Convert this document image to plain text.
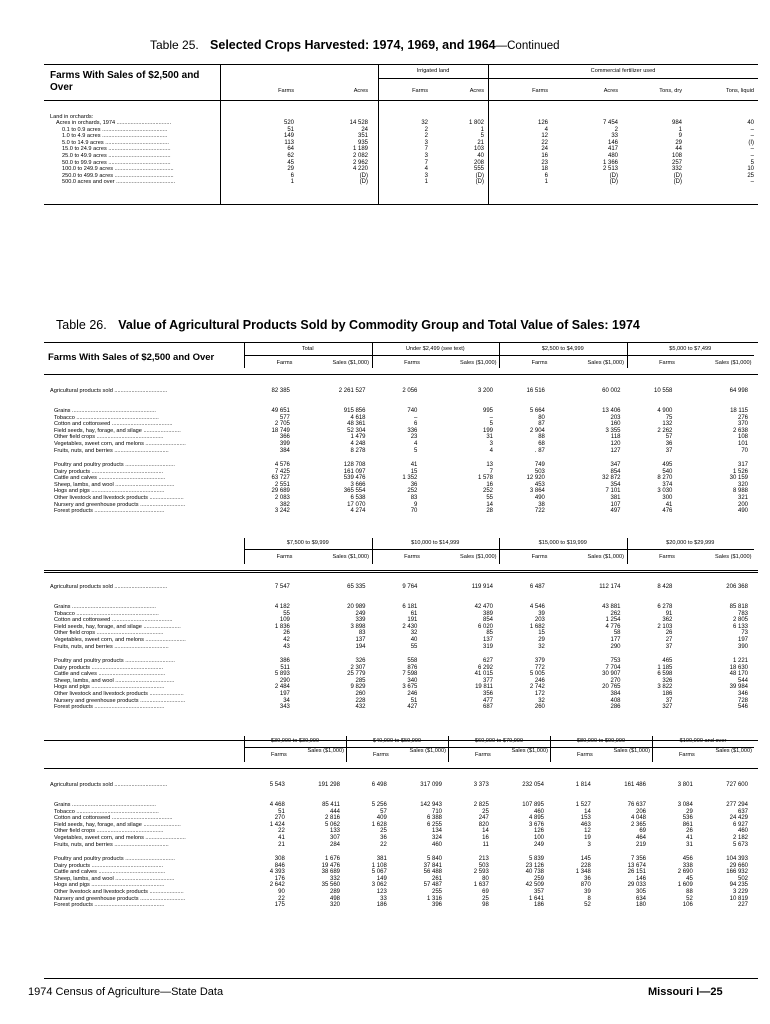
Table 25. Selected Crops Harvested: 1974, 1969, and 1964—Continued
Farms With Sales of $2,500 and Over
Table 26. Value of Agricultural Products Sold by Commodity Group and Total Value of Sales: 1974
Farms With Sales of $2,500 and Over
1974 Census of Agriculture—State Data	Missouri I—25
Irrigated land	Commercial fertilizer used
Farms	Acres	Farms	Acres	Farms	Acres	Tons, dry	Tons, liquid
Land in orchards:
Acres in orchards, 1974 ...................................	520	14 528	32	1 802	126	7 454	984	40
0.1 to 0.9 acres ..........................................	51	24	2	1	4	2	1	–
1.0 to 4.9 acres ..........................................	149	351	2	5	12	33	9	–
5.0 to 14.9 acres .........................................	113	935	3	21	22	146	29	(I)
15.0 to 24.9 acres ........................................	64	1 189	7	103	24	417	44	–
25.0 to 49.9 acres ........................................	62	2 082	3	40	16	480	108	–
50.0 to 99.9 acres ........................................	45	2 962	7	208	23	1 366	257	5
100.0 to 249.9 acres ......................................	29	4 220	4	555	18	2 513	332	10
250.0 to 499.9 acres ......................................	6	(D)	3	(D)	6	(D)	(D)	25
500.0 acres and over ......................................	1	(D)	1	(D)	1	(D)	(D)	–
Total
Farms	Sales ($1,000)
Under $2,499 (see text)
Farms	Sales ($1,000)
$2,500 to $4,999
Farms	Sales ($1,000)
$5,000 to $7,499
Farms	Sales ($1,000)
Agricultural products sold ..................................	82 385	2 261 527	2 056	3 200	16 516	60 002	10 558	64 998
Grains ......................................................	49 651	915 856	740	995	5 664	13 406	4 900	18 115
Tobacco .....................................................	577	4 618	–	–	80	203	75	276
Cotton and cottonseed .......................................	2 705	48 361	6	5	87	160	132	370
Field seeds, hay, forage, and silage ........................	18 749	52 304	336	199	2 904	3 355	2 262	2 638
Other field crops ...........................................	366	1 479	23	31	88	118	57	108
Vegetables, sweet corn, and melons ..........................	399	4 248	4	3	68	120	36	101
Fruits, nuts, and berries ...................................	384	8 278	5	4	. 87	127	37	70
Poultry and poultry products ................................	4 576	128 708	41	13	749	347	495	317
Dairy products ..............................................	7 425	161 097	15	7	503	854	540	1 526
Cattle and calves ...........................................	63 727	539 476	1 352	1 578	12 920	32 872	8 270	30 159
Sheep, lambs, and wool ......................................	2 551	3 666	36	16	453	354	374	320
Hogs and pigs ...............................................	29 689	365 554	252	252	3 864	7 101	3 030	8 988
Other livestock and livestock products ......................	2 083	6 538	83	55	490	381	300	321
Nursery and greenhouse products .............................	382	17 070	9	14	38	107	41	200
Forest products .............................................	3 242	4 274	70	28	722	497	476	490
$7,500 to $9,999
Farms	Sales ($1,000)
$10,000 to $14,999
Farms	Sales ($1,000)
$15,000 to $19,999
Farms	Sales ($1,000)
$20,000 to $29,999
Farms	Sales ($1,000)
Agricultural products sold ..................................	7 547	65 335	9 764	119 914	6 487	112 174	8 428	206 368
Grains ......................................................	4 182	20 989	6 181	42 470	4 546	43 881	6 278	85 818
Tobacco .....................................................	55	249	61	389	39	262	91	783
Cotton and cottonseed .......................................	109	339	191	854	203	1 254	362	2 805
Field seeds, hay, forage, and silage ........................	1 836	3 898	2 430	6 020	1 682	4 776	2 103	6 133
Other field crops ...........................................	26	83	32	85	15	58	26	73
Vegetables, sweet corn, and melons ..........................	42	137	40	137	29	177	27	197
Fruits, nuts, and berries ...................................	43	194	55	319	32	290	37	390
Poultry and poultry products ................................	386	326	558	627	379	753	465	1 221
Dairy products ..............................................	511	2 307	876	6 292	772	7 704	1 185	18 630
Cattle and calves ...........................................	5 893	25 779	7 598	41 015	5 005	30 907	6 598	48 170
Sheep, lambs, and wool ......................................	290	285	340	377	246	270	326	544
Hogs and pigs ...............................................	2 484	9 829	3 675	19 811	2 742	20 765	3 822	39 984
Other livestock and livestock products ......................	197	260	246	356	172	384	186	346
Nursery and greenhouse products .............................	34	228	51	477	32	408	37	728
Forest products .............................................	343	432	427	687	260	286	327	546
$30,000 to $39,999
Farms
Sales ($1,000)
$40,000 to $59,999
Farms
Sales ($1,000)
$60,000 to $79,999
Farms
Sales ($1,000)
$80,000 to $99,999
Farms
Sales ($1,000)
$100,000 and over
Farms
Sales ($1,000)
Agricultural products sold ..................................	5 543	191 298	6 498	317 099	3 373	232 054	1 814	161 486	3 801	727 600
Grains ......................................................	4 468	85 411	5 256	142 943	2 825	107 895	1 527	76 637	3 084	277 294
Tobacco .....................................................	51	444	57	710	25	460	14	206	29	637
Cotton and cottonseed .......................................	270	2 816	409	6 388	247	4 895	153	4 048	536	24 429
Field seeds, hay, forage, and silage ........................	1 424	5 062	1 628	6 255	820	3 676	463	2 365	861	6 927
Other field crops ...........................................	22	133	25	134	14	126	12	69	26	460
Vegetables, sweet corn, and melons ..........................	41	307	36	324	16	100	19	464	41	2 182
Fruits, nuts, and berries ...................................	21	284	22	460	11	249	3	219	31	5 673
Poultry and poultry products ................................	308	1 676	381	5 840	213	5 839	145	7 356	456	104 393
Dairy products ..............................................	846	19 476	1 108	37 841	503	23 126	228	13 674	338	29 660
Cattle and calves ...........................................	4 393	38 689	5 067	56 488	2 593	40 738	1 348	26 151	2 690	166 932
Sheep, lambs, and wool ......................................	176	332	149	261	80	259	36	146	45	502
Hogs and pigs ...............................................	2 642	35 560	3 062	57 487	1 637	42 509	870	29 033	1 609	94 235
Other livestock and livestock products ......................	90	289	123	255	69	357	39	305	88	3 229
Nursery and greenhouse products .............................	22	498	33	1 316	25	1 641	8	634	52	10 819
Forest products .............................................	175	320	186	396	98	186	52	180	106	227
